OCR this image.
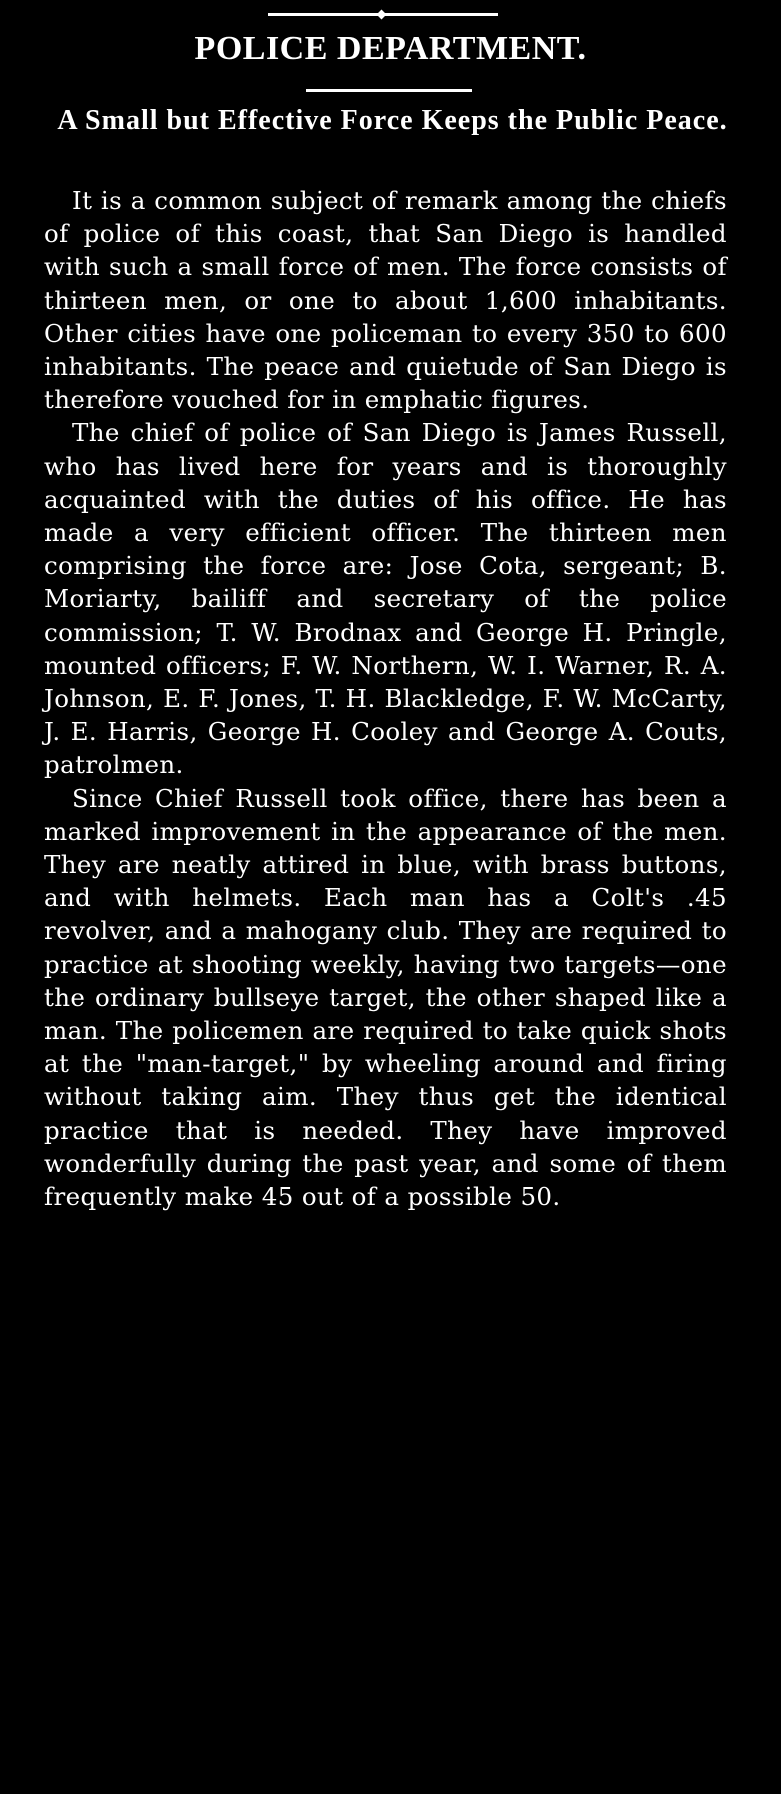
POLICE DEPARTMENT.
A Small but Effective Force Keeps the Public Peace.

It is a common subject of remark among the chiefs of police of this coast, that San Diego is handled with such a small force of men. The force consists of thirteen men, or one to about 1,600 inhabitants. Other cities have one policeman to every 350 to 600 inhabitants. The peace and quietude of San Diego is therefore vouched for in emphatic figures.

The chief of police of San Diego is James Russell, who has lived here for years and is thoroughly acquainted with the duties of his office. He has made a very efficient officer. The thirteen men comprising the force are: Jose Cota, sergeant; B. Moriarty, bailiff and secretary of the police commission; T. W. Brodnax and George H. Pringle, mounted officers; F. W. Northern, W. I. Warner, R. A. Johnson, E. F. Jones, T. H. Blackledge, F. W. McCarty, J. E. Harris, George H. Cooley and George A. Couts, patrolmen.

Since Chief Russell took office, there has been a marked improvement in the appearance of the men. They are neatly attired in blue, with brass buttons, and with helmets. Each man has a Colt's .45 revolver, and a mahogany club. They are required to practice at shooting weekly, having two targets—one the ordinary bullseye target, the other shaped like a man. The policemen are required to take quick shots at the "man-target," by wheeling around and firing without taking aim. They thus get the identical practice that is needed. They have improved wonderfully during the past year, and some of them frequently make 45 out of a possible 50.
